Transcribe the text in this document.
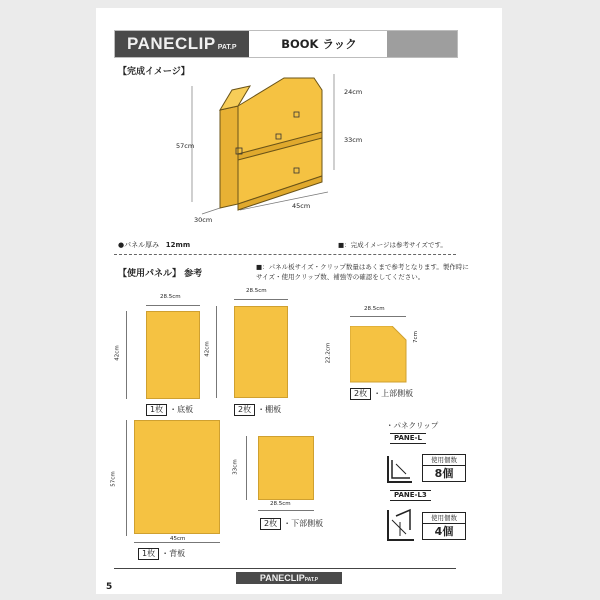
PANECLIP PAT.P	BOOK ラック
【完成イメージ】
57cm
24cm
33cm
30cm
45cm
●パネル厚み 12mm	■：完成イメージは参考サイズです。
【使用パネル】 参考
■：パネル板サイズ・クリップ数量はあくまで参考となります。製作時に
サイズ・使用クリップ数、補強等の確認をしてください。
28.5cm
42cm
1枚 ・底板
28.5cm
42cm
2枚 ・棚板
28.5cm
22.2cm
7cm
2枚 ・上部側板
57cm
45cm
1枚 ・背板
33cm
28.5cm
2枚 ・下部側板
・パネクリップ
PANE-L
使用個数
8個
PANE-L3
使用個数
4個
PANECLIPPAT.P
5
